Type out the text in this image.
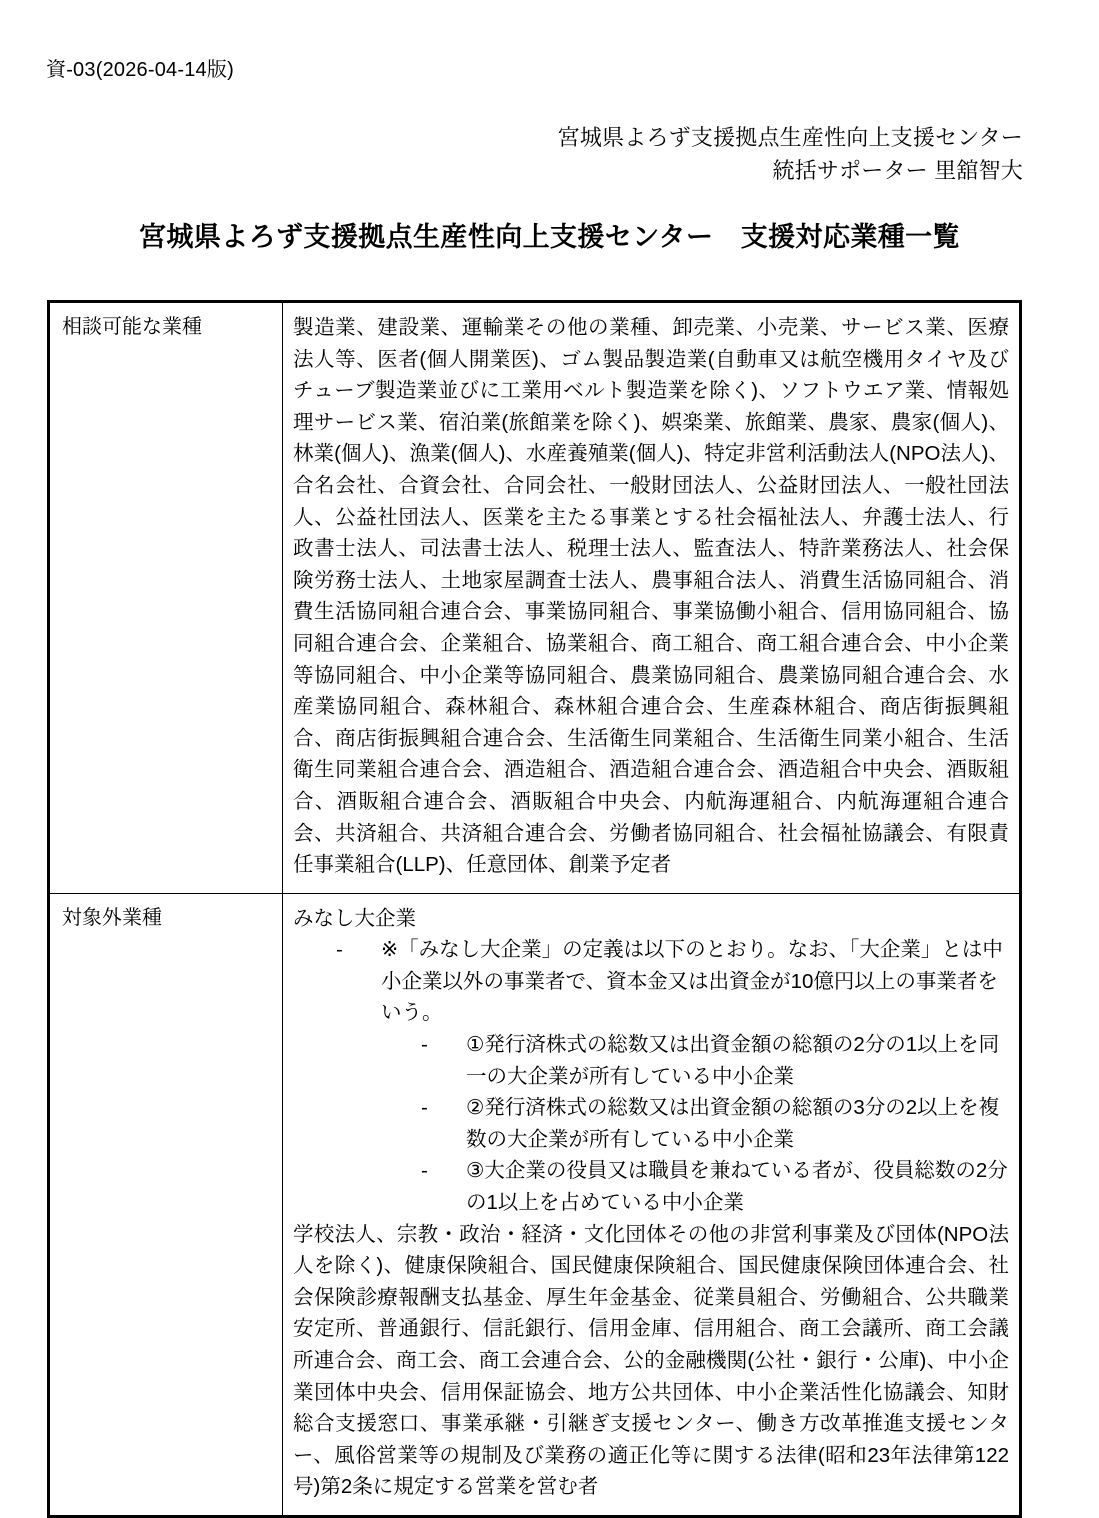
資-03(2026-04-14版)
宮城県よろず支援拠点生産性向上支援センター
統括サポーター 里舘智大
宮城県よろず支援拠点生産性向上支援センター　支援対応業種一覧
相談可能な業種	製造業、建設業、運輸業その他の業種、卸売業、小売業、サービス業、医療法人等、医者(個人開業医)、ゴム製品製造業(自動車又は航空機用タイヤ及びチューブ製造業並びに工業用ベルト製造業を除く)、ソフトウエア業、情報処理サービス業、宿泊業(旅館業を除く)、娯楽業、旅館業、農家、農家(個人)、林業(個人)、漁業(個人)、水産養殖業(個人)、特定非営利活動法人(NPO法人)、合名会社、合資会社、合同会社、一般財団法人、公益財団法人、一般社団法人、公益社団法人、医業を主たる事業とする社会福祉法人、弁護士法人、行政書士法人、司法書士法人、税理士法人、監査法人、特許業務法人、社会保険労務士法人、土地家屋調査士法人、農事組合法人、消費生活協同組合、消費生活協同組合連合会、事業協同組合、事業協働小組合、信用協同組合、協同組合連合会、企業組合、協業組合、商工組合、商工組合連合会、中小企業等協同組合、中小企業等協同組合、農業協同組合、農業協同組合連合会、水産業協同組合、森林組合、森林組合連合会、生産森林組合、商店街振興組合、商店街振興組合連合会、生活衛生同業組合、生活衛生同業小組合、生活衛生同業組合連合会、酒造組合、酒造組合連合会、酒造組合中央会、酒販組合、酒販組合連合会、酒販組合中央会、内航海運組合、内航海運組合連合会、共済組合、共済組合連合会、労働者協同組合、社会福祉協議会、有限責任事業組合(LLP)、任意団体、創業予定者

対象外業種	みなし大企業

-	※「みなし大企業」の定義は以下のとおり。なお、「大企業」とは中小企業以外の事業者で、資本金又は出資金が10億円以上の事業者をいう。
-	①発行済株式の総数又は出資金額の総額の2分の1以上を同一の大企業が所有している中小企業
-	②発行済株式の総数又は出資金額の総額の3分の2以上を複数の大企業が所有している中小企業
-	③大企業の役員又は職員を兼ねている者が、役員総数の2分の1以上を占めている中小企業

学校法人、宗教・政治・経済・文化団体その他の非営利事業及び団体(NPO法人を除く)、健康保険組合、国民健康保険組合、国民健康保険団体連合会、社会保険診療報酬支払基金、厚生年金基金、従業員組合、労働組合、公共職業安定所、普通銀行、信託銀行、信用金庫、信用組合、商工会議所、商工会議所連合会、商工会、商工会連合会、公的金融機関(公社・銀行・公庫)、中小企業団体中央会、信用保証協会、地方公共団体、中小企業活性化協議会、知財総合支援窓口、事業承継・引継ぎ支援センター、働き方改革推進支援センター、風俗営業等の規制及び業務の適正化等に関する法律(昭和23年法律第122号)第2条に規定する営業を営む者
